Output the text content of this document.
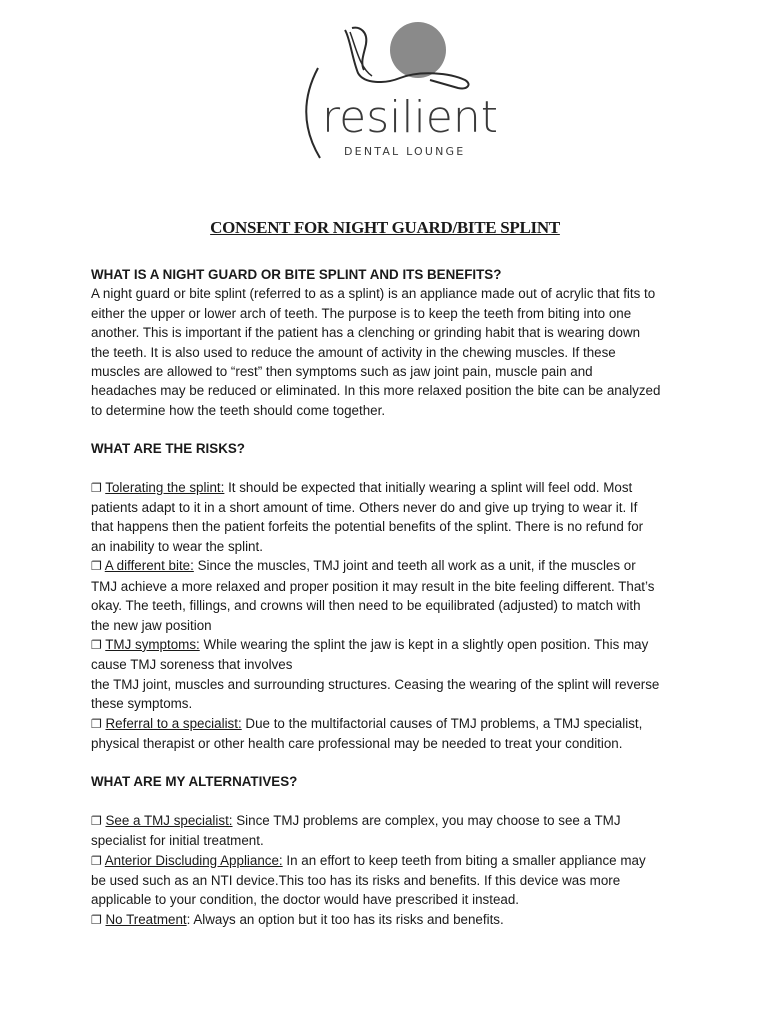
resilient
DENTAL LOUNGE
CONSENT FOR NIGHT GUARD/BITE SPLINT

WHAT IS A NIGHT GUARD OR BITE SPLINT AND ITS BENEFITS?

A night guard or bite splint (referred to as a splint) is an appliance made out of acrylic that fits to

either the upper or lower arch of teeth. The purpose is to keep the teeth from biting into one

another. This is important if the patient has a clenching or grinding habit that is wearing down

the teeth. It is also used to reduce the amount of activity in the chewing muscles. If these

muscles are allowed to “rest” then symptoms such as jaw joint pain, muscle pain and

headaches may be reduced or eliminated. In this more relaxed position the bite can be analyzed

to determine how the teeth should come together.

WHAT ARE THE RISKS?

❐ Tolerating the splint: It should be expected that initially wearing a splint will feel odd. Most

patients adapt to it in a short amount of time. Others never do and give up trying to wear it. If

that happens then the patient forfeits the potential benefits of the splint. There is no refund for

an inability to wear the splint.

❐ A different bite: Since the muscles, TMJ joint and teeth all work as a unit, if the muscles or

TMJ achieve a more relaxed and proper position it may result in the bite feeling different. That’s

okay. The teeth, fillings, and crowns will then need to be equilibrated (adjusted) to match with

the new jaw position

❐ TMJ symptoms: While wearing the splint the jaw is kept in a slightly open position. This may

cause TMJ soreness that involves

the TMJ joint, muscles and surrounding structures. Ceasing the wearing of the splint will reverse

these symptoms.

❐ Referral to a specialist: Due to the multifactorial causes of TMJ problems, a TMJ specialist,

physical therapist or other health care professional may be needed to treat your condition.

WHAT ARE MY ALTERNATIVES?

❐ See a TMJ specialist: Since TMJ problems are complex, you may choose to see a TMJ

specialist for initial treatment.

❐ Anterior Discluding Appliance: In an effort to keep teeth from biting a smaller appliance may

be used such as an NTI device.This too has its risks and benefits. If this device was more

applicable to your condition, the doctor would have prescribed it instead.

❐ No Treatment: Always an option but it too has its risks and benefits.
